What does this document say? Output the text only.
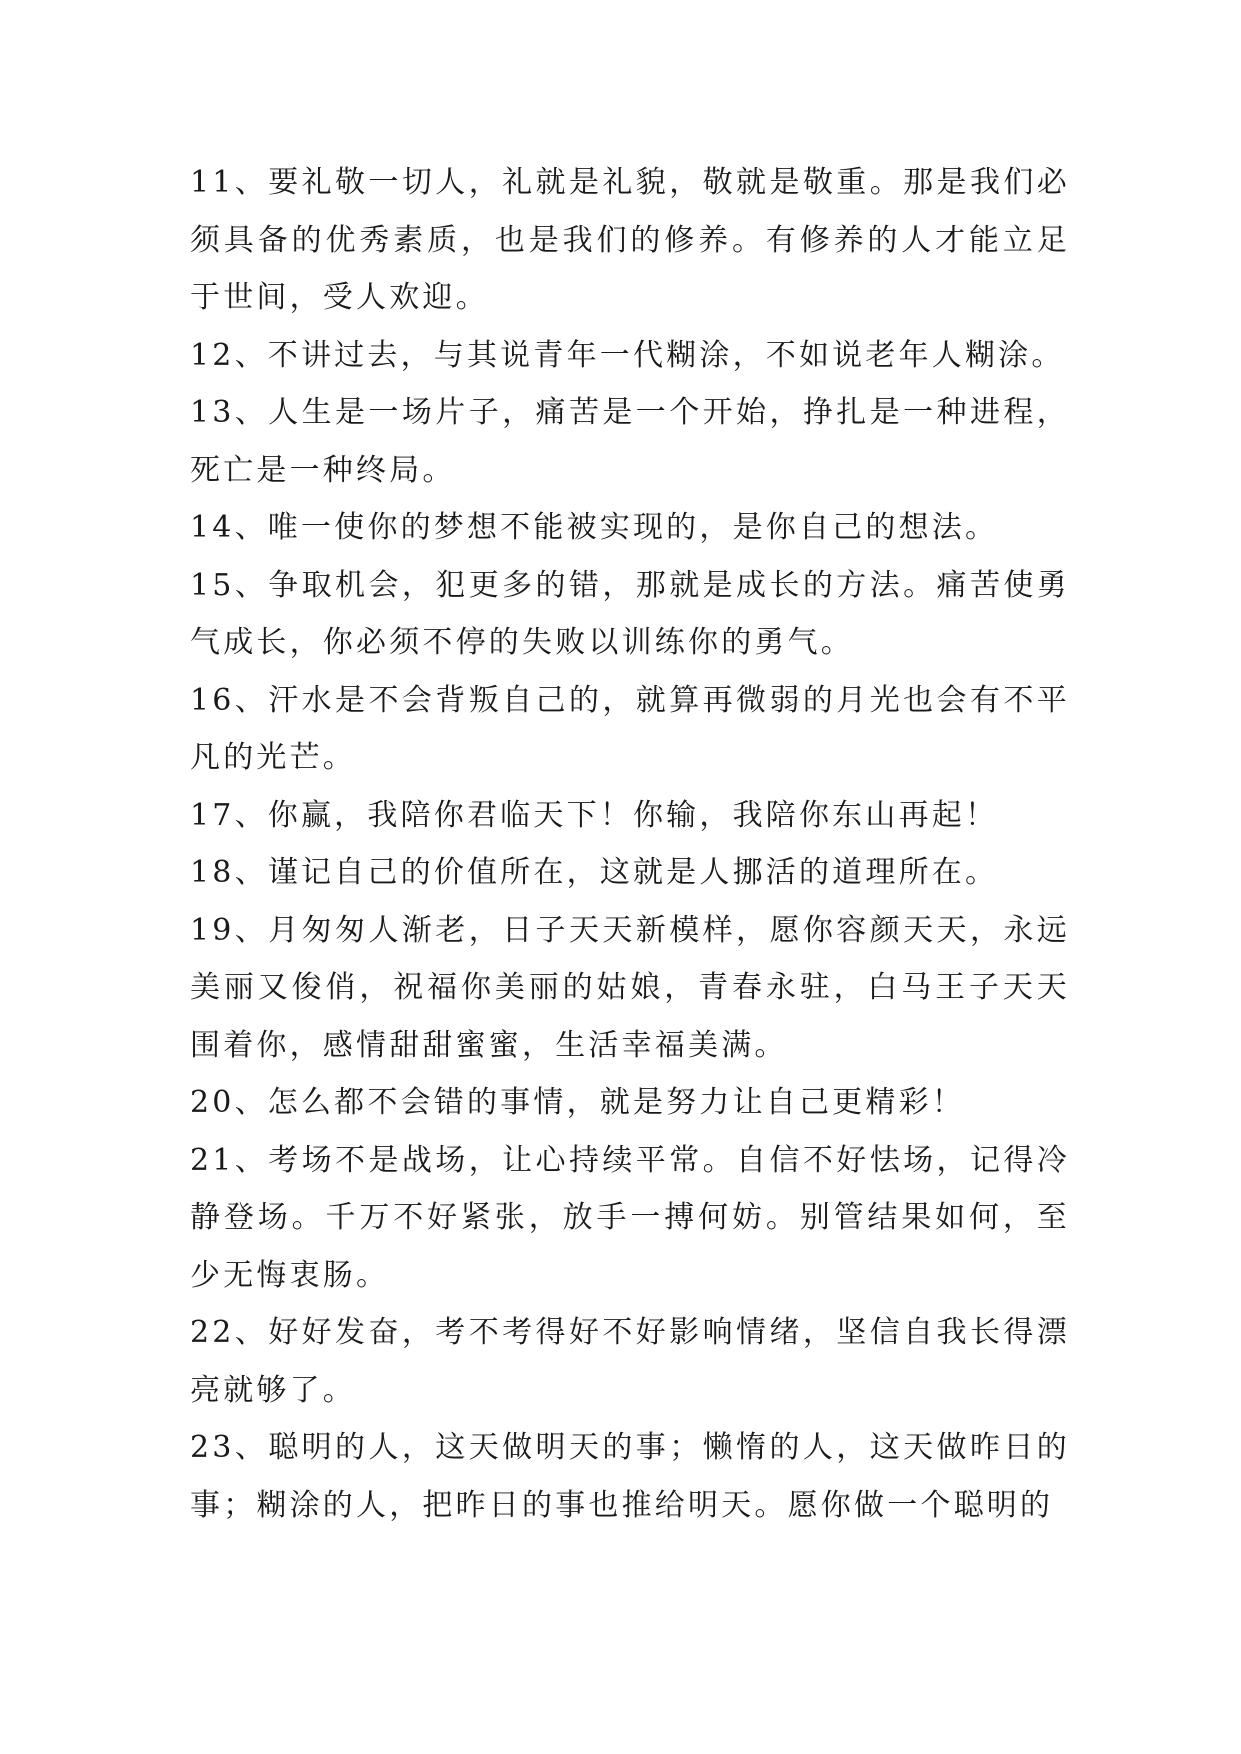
11、要礼敬一切人，礼就是礼貌，敬就是敬重。那是我们必须具备的优秀素质，也是我们的修养。有修养的人才能立足于世间，受人欢迎。

12、不讲过去，与其说青年一代糊涂，不如说老年人糊涂。

13、人生是一场片子，痛苦是一个开始，挣扎是一种进程，死亡是一种终局。

14、唯一使你的梦想不能被实现的，是你自己的想法。

15、争取机会，犯更多的错，那就是成长的方法。痛苦使勇气成长，你必须不停的失败以训练你的勇气。

16、汗水是不会背叛自己的，就算再微弱的月光也会有不平凡的光芒。

17、你赢，我陪你君临天下！你输，我陪你东山再起！

18、谨记自己的价值所在，这就是人挪活的道理所在。

19、月匆匆人渐老，日子天天新模样，愿你容颜天天，永远美丽又俊俏，祝福你美丽的姑娘，青春永驻，白马王子天天围着你，感情甜甜蜜蜜，生活幸福美满。

20、怎么都不会错的事情，就是努力让自己更精彩！

21、考场不是战场，让心持续平常。自信不好怯场，记得冷静登场。千万不好紧张，放手一搏何妨。别管结果如何，至少无悔衷肠。

22、好好发奋，考不考得好不好影响情绪，坚信自我长得漂亮就够了。

23、聪明的人，这天做明天的事；懒惰的人，这天做昨日的事；糊涂的人，把昨日的事也推给明天。愿你做一个聪明的
